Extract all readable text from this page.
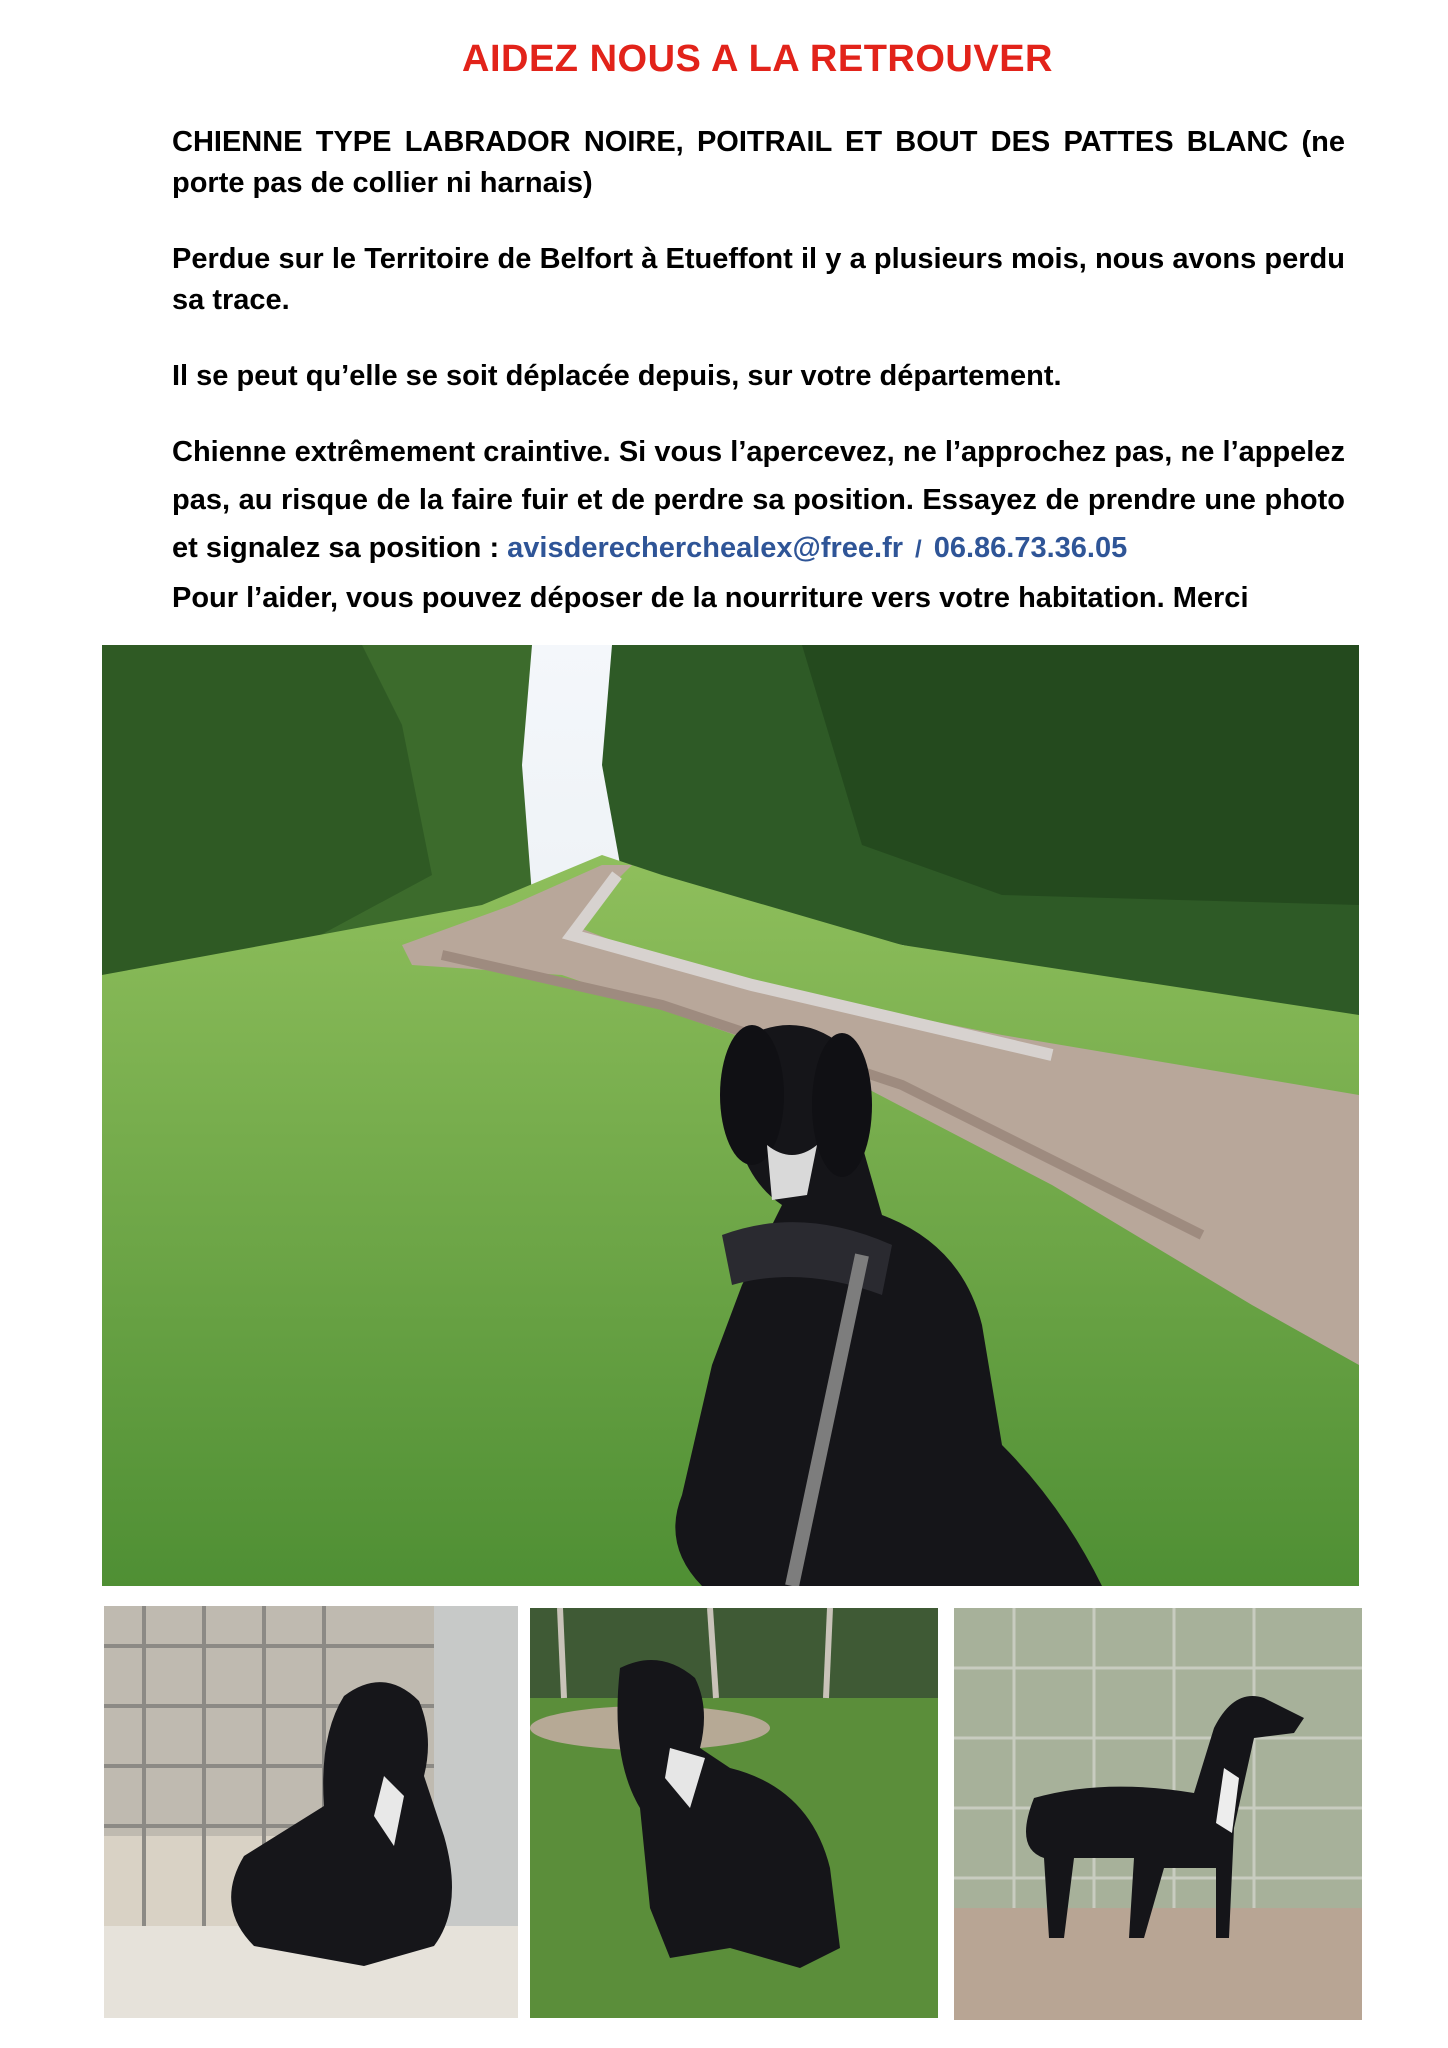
AIDEZ NOUS A LA RETROUVER
CHIENNE TYPE LABRADOR NOIRE, POITRAIL ET BOUT DES PATTES BLANC (ne porte pas de collier ni harnais)
Perdue sur le Territoire de Belfort à Etueffont il y a plusieurs mois, nous avons perdu sa trace.
Il se peut qu’elle se soit déplacée depuis, sur votre département.
Chienne extrêmement craintive. Si vous l’apercevez, ne l’approchez pas, ne l’appelez pas, au risque de la faire fuir et de perdre sa position. Essayez de prendre une photo et signalez sa position : avisderecherchealex@free.fr / 06.86.73.36.05
Pour l’aider, vous pouvez déposer de la nourriture vers votre habitation. Merci
